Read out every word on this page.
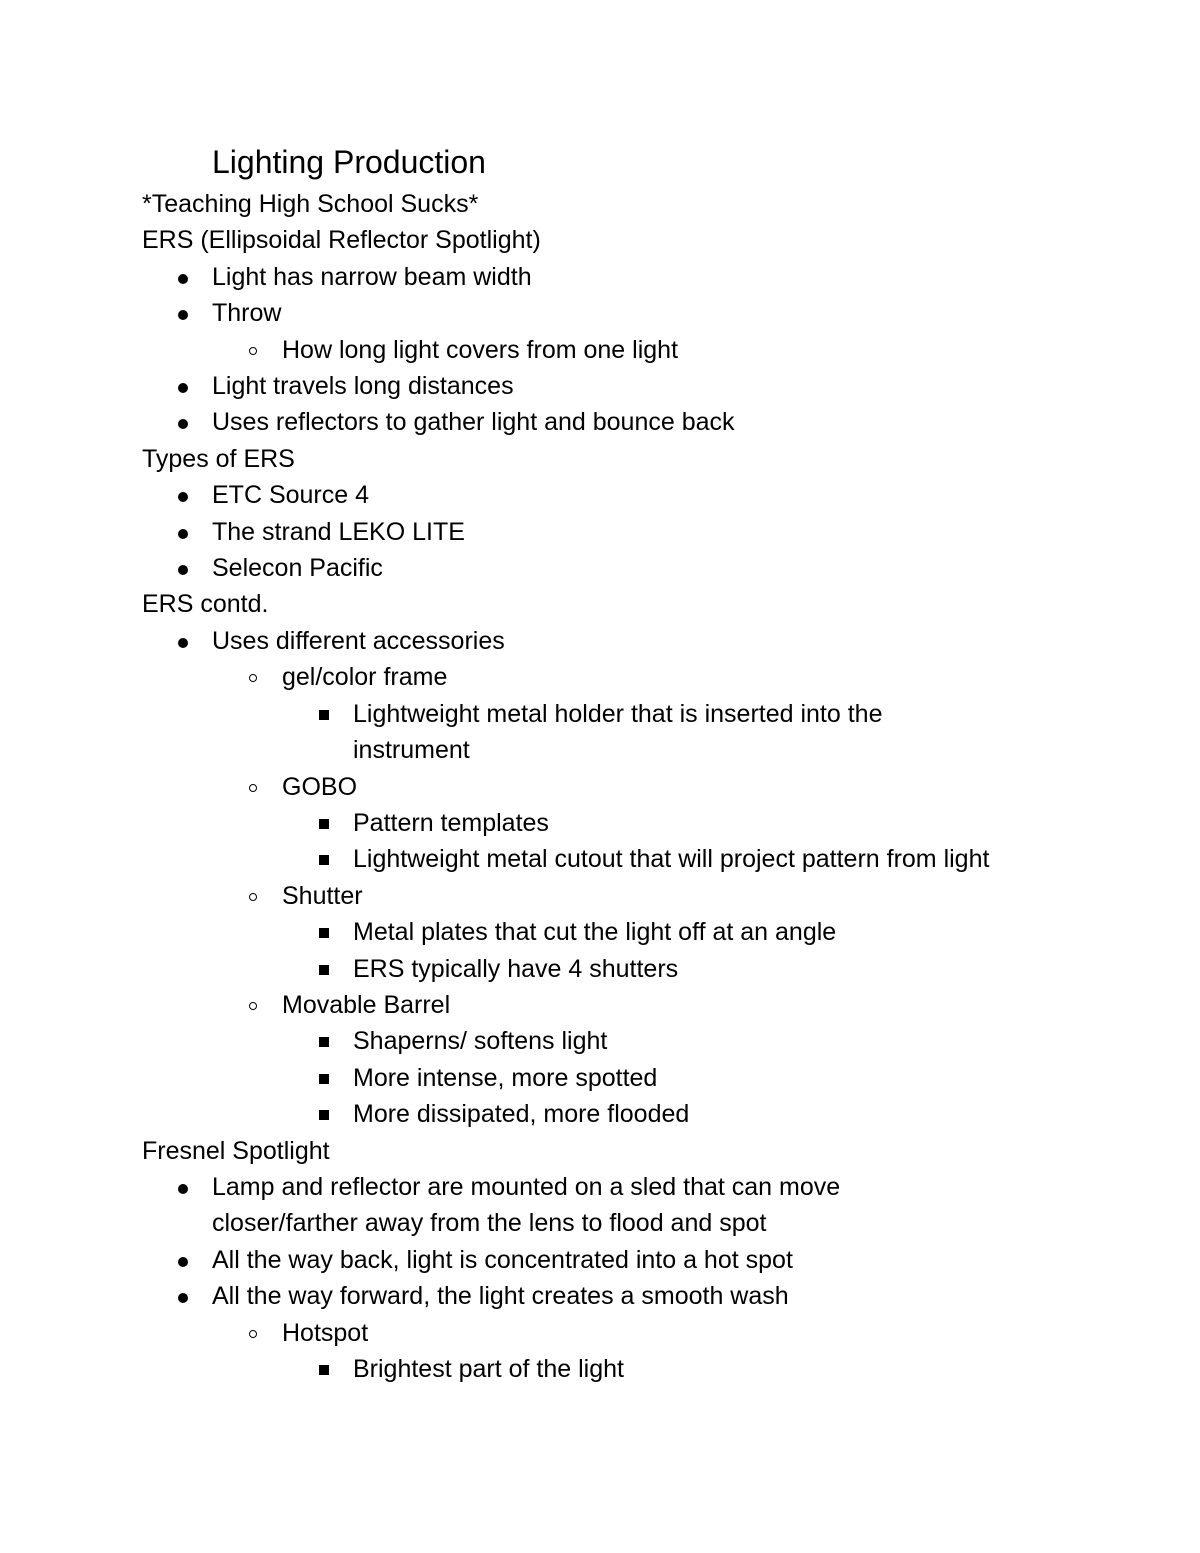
Lighting Production
*Teaching High School Sucks*
ERS (Ellipsoidal Reflector Spotlight)
Light has narrow beam width
Throw
How long light covers from one light
Light travels long distances
Uses reflectors to gather light and bounce back
Types of ERS
ETC Source 4
The strand LEKO LITE
Selecon Pacific
ERS contd.
Uses different accessories
gel/color frame
Lightweight metal holder that is inserted into the instrument
GOBO
Pattern templates
Lightweight metal cutout that will project pattern from light
Shutter
Metal plates that cut the light off at an angle
ERS typically have 4 shutters
Movable Barrel
Shaperns/ softens light
More intense, more spotted
More dissipated, more flooded
Fresnel Spotlight
Lamp and reflector are mounted on a sled that can move closer/farther away from the lens to flood and spot
All the way back, light is concentrated into a hot spot
All the way forward, the light creates a smooth wash
Hotspot
Brightest part of the light
